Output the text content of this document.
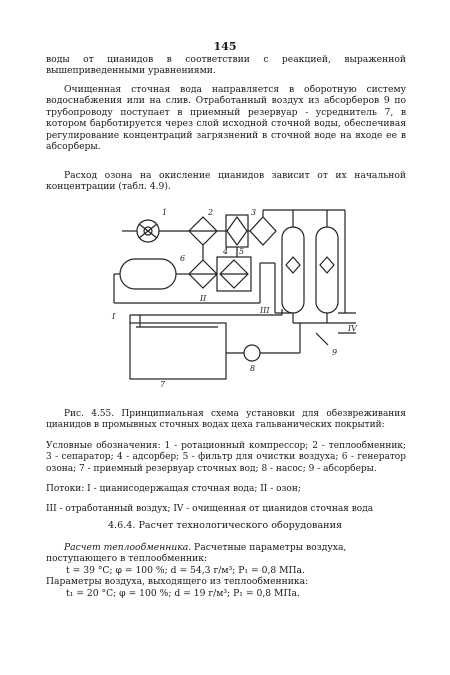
145

воды от цианидов в соответствии с реакцией, выраженной вышеприведенными уравнениями.

Очищенная сточная вода направляется в оборотную систему водоснабжения или на слив. Отработанный воздух из абсорберов 9 по трубопроводу поступает в приемный резервуар - усреднитель 7, в котором барботируется через слой исходной сточной воды, обеспечивая регулирование концентраций загрязнений в сточной воде на входе ее в абсорберы.

Расход озона на окисление цианидов зависит от их начальной концентрации (табл. 4.9).

1	2	3
4 5
6
7
8
9
I
II
III
IV

Рис. 4.55. Принципиальная схема установки для обезвреживания цианидов в промывных сточных водах цеха гальванических покрытий:

Условные обозначения: 1 - ротационный компрессор; 2 - теплообменник; 3 - сепаратор; 4 - адсорбер; 5 - фильтр для очистки воздуха; 6 - генератор озона; 7 - приемный резервуар сточных вод; 8 - насос; 9 - абсорберы.

Потоки: I - цианисодержащая сточная вода; II - озон;

III - отработанный воздух; IV - очищенная от цианидов сточная вода

4.6.4. Расчет технологического оборудования

Расчет теплообменника. Расчетные параметры воздуха, поступающего в теплообменник:

t = 39 °C; φ = 100 %; d = 54,3 г/м³; P₁ = 0,8 МПа.

Параметры воздуха, выходящего из теплообменника:

t₁ = 20 °C; φ = 100 %; d = 19 г/м³; P₁ = 0,8 МПа.
